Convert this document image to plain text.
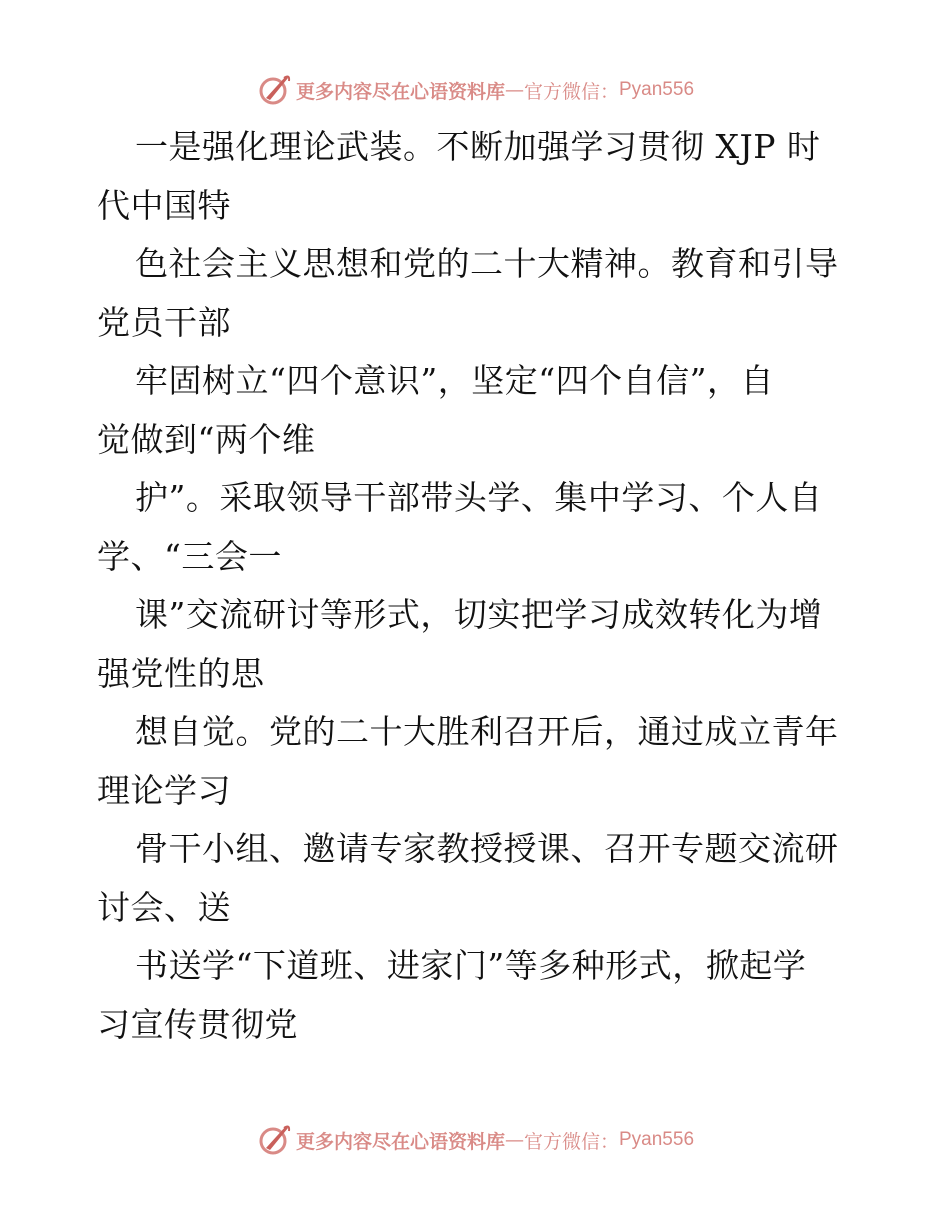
更多内容尽在心语资料库 — 官方微信： Pyan556
一是强化理论武装。不断加强学习贯彻 XJP 时
代中国特
色社会主义思想和党的二十大精神。教育和引导
党员干部
牢固树立“四个意识”，坚定“四个自信”，自
觉做到“两个维
护”。采取领导干部带头学、集中学习、个人自
学、“三会一
课”交流研讨等形式，切实把学习成效转化为增
强党性的思
想自觉。党的二十大胜利召开后，通过成立青年
理论学习
骨干小组、邀请专家教授授课、召开专题交流研
讨会、送
书送学“下道班、进家门”等多种形式，掀起学
习宣传贯彻党
更多内容尽在心语资料库 — 官方微信： Pyan556
